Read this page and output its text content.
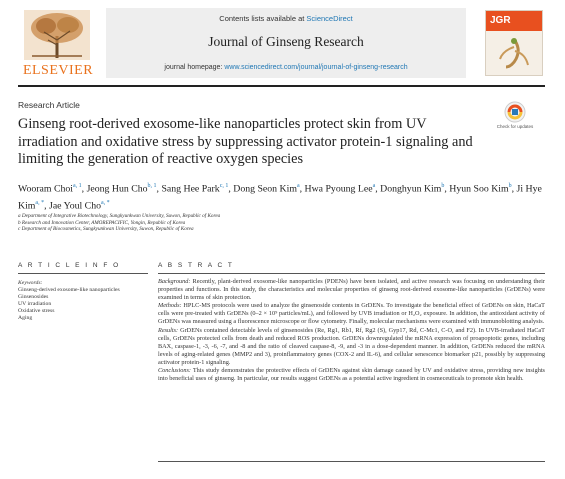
ELSEVIER
Contents lists available at ScienceDirect
Journal of Ginseng Research
journal homepage: www.sciencedirect.com/journal/journal-of-ginseng-research
JGR
Research Article
Check for updates
Ginseng root-derived exosome-like nanoparticles protect skin from UV irradiation and oxidative stress by suppressing activator protein-1 signaling and limiting the generation of reactive oxygen species
Wooram Choi$^{a, 1}$, Jeong Hun Cho$^{b, 1}$, Sang Hee Park$^{c, 1}$, Dong Seon Kim$^a$, Hwa Pyoung Lee$^a$, Donghyun Kim$^b$, Hyun Soo Kim$^b$, Ji Hye Kim$^{a, *}$, Jae Youl Cho$^{a, *}$
a Department of Integrative Biotechnology, Sungkyunkwan University, Suwon, Republic of Korea
b Research and Innovation Center, AMOREPACIFIC, Yongin, Republic of Korea
c Department of Biocosmetics, Sungkyunkwan University, Suwon, Republic of Korea
A R T I C L E I N F O	A B S T R A C T
Keywords:
Ginseng-derived exosome-like nanoparticles
Ginsenosides
UV irradiation
Oxidative stress
Aging

Background: Recently, plant-derived exosome-like nanoparticles (PDENs) have been isolated, and active research was focusing on understanding their properties and functions. In this study, the characteristics and molecular properties of ginseng root-derived exosome-like nanoparticles (GrDENs) were examined in terms of skin protection.

Methods: HPLC-MS protocols were used to analyze the ginsenoside contents in GrDENs. To investigate the beneficial effect of GrDENs on skin, HaCaT cells were pre-treated with GrDENs (0–2 × 10⁹ particles/mL), and followed by UVB irradiation or H₂O₂ exposure. In addition, the antioxidant activity of GrDENs was measured using a fluorescence microscope or flow cytometry. Finally, molecular mechanisms were examined with immunoblotting analysis.

Results: GrDENs contained detectable levels of ginsenosides (Re, Rg1, Rb1, Rf, Rg2 (S), Gyp17, Rd, C-Mc1, C-O, and F2). In UVB-irradiated HaCaT cells, GrDENs protected cells from death and reduced ROS production. GrDENs downregulated the mRNA expression of proapoptotic genes, including BAX, caspase-1, -3, -6, -7, and -8 and the ratio of cleaved caspase-8, -9, and -3 in a dose-dependent manner. In addition, GrDENs reduced the mRNA levels of aging-related genes (MMP2 and 3), proinflammatory genes (COX-2 and IL-6), and cellular senescence biomarker p21, possibly by suppressing activator protein-1 signaling.

Conclusions: This study demonstrates the protective effects of GrDENs against skin damage caused by UV and oxidative stress, providing new insights into beneficial uses of ginseng. In particular, our results suggest GrDENs as a potential active ingredient in cosmeceuticals to promote skin health.
